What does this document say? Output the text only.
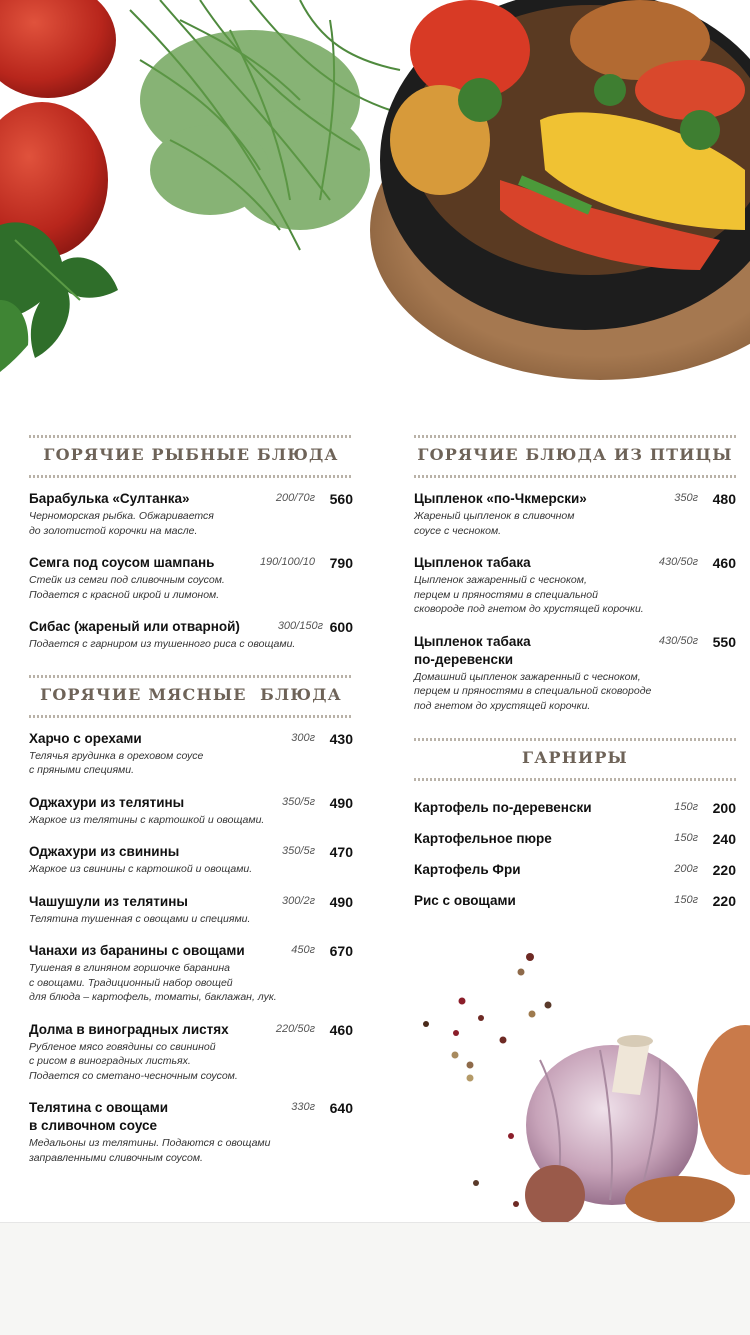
ГОРЯЧИЕ РЫБНЫЕ БЛЮДА
Барабулька «Султанка»	200/70г	560
Черноморская рыбка. Обжаривается
до золотистой корочки на масле.
Семга под соусом шампань	190/100/10	790
Стейк из семги под сливочным соусом.
Подается с красной икрой и лимоном.
Сибас (жареный или отварной)	300/150г 600
Подается с гарниром из тушенного риса с овощами.
ГОРЯЧИЕ МЯСНЫЕ  БЛЮДА
Харчо с орехами	300г	430
Телячья грудинка в ореховом соусе
с пряными специями.
Оджахури из телятины	350/5г	490
Жаркое из телятины с картошкой и овощами.
Оджахури из свинины	350/5г	470
Жаркое из свинины с картошкой и овощами.
Чашушули из телятины	300/2г	490
Телятина тушенная с овощами и специями.
Чанахи из баранины с овощами	450г	670
Тушеная в глиняном горшочке баранина
с овощами. Традиционный набор овощей
для блюда – картофель, томаты, баклажан, лук.
Долма в виноградных листях	220/50г	460
Рубленое мясо говядины со свининой
с рисом в виноградных листьях.
Подается со сметано-чесночным соусом.
Телятина с овощами
в сливочном соусе
330г	640
Медальоны из телятины. Подаются с овощами
заправленными сливочным соусом.
ГОРЯЧИЕ БЛЮДА ИЗ ПТИЦЫ
Цыпленок «по-Чкмерски»	350г	480
Жареный цыпленок в сливочном
соусе с чесноком.
Цыпленок табака	430/50г	460
Цыпленок зажаренный с чесноком,
перцем и пряностями в специальной
сковороде под гнетом до хрустящей корочки.
Цыпленок табака
по-деревенски
430/50г	550
Домашний цыпленок зажаренный с чесноком,
перцем и пряностями в специальной сковороде
под гнетом до хрустящей корочки.
ГАРНИРЫ
Картофель по-деревенски	150г	200
Картофельное пюре	150г	240
Картофель Фри	200г	220
Рис с овощами	150г	220
